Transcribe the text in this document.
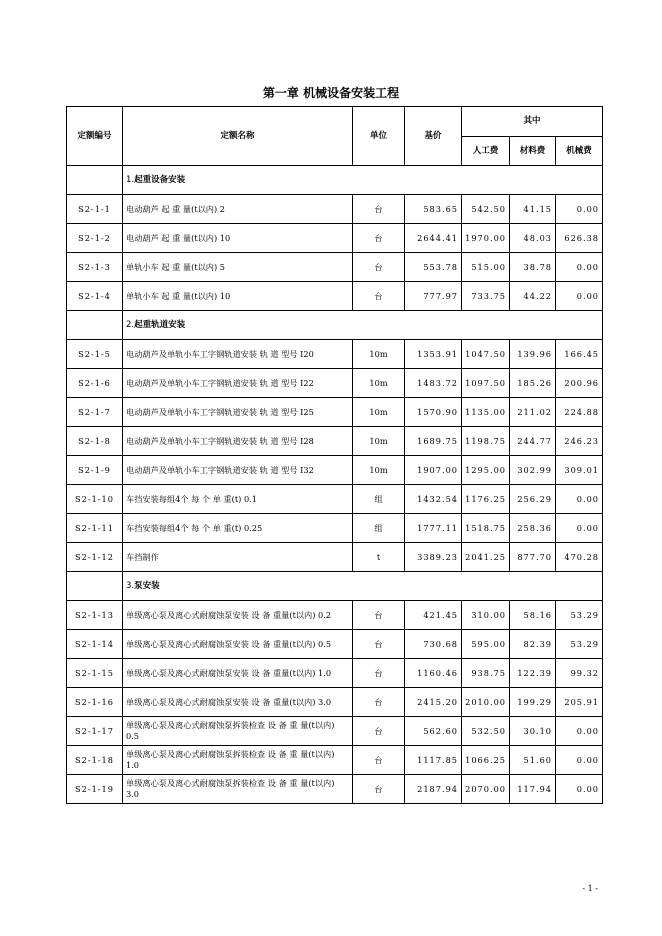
第一章 机械设备安装工程
定额编号	定额名称	单位	基价	其中		
				人工费	材料费	机械费
	1.起重设备安装					
S2-1-1	电动葫芦 起 重 量(t以内) 2	台	583.65	542.50	41.15	0.00
S2-1-2	电动葫芦 起 重 量(t以内) 10	台	2644.41	1970.00	48.03	626.38
S2-1-3	单轨小车 起 重 量(t以内) 5	台	553.78	515.00	38.78	0.00
S2-1-4	单轨小车 起 重 量(t以内) 10	台	777.97	733.75	44.22	0.00
	2.起重轨道安装					
S2-1-5	电动葫芦及单轨小车工字钢轨道安装 轨 道 型号 I20	10m	1353.91	1047.50	139.96	166.45
S2-1-6	电动葫芦及单轨小车工字钢轨道安装 轨 道 型号 I22	10m	1483.72	1097.50	185.26	200.96
S2-1-7	电动葫芦及单轨小车工字钢轨道安装 轨 道 型号 I25	10m	1570.90	1135.00	211.02	224.88
S2-1-8	电动葫芦及单轨小车工字钢轨道安装 轨 道 型号 I28	10m	1689.75	1198.75	244.77	246.23
S2-1-9	电动葫芦及单轨小车工字钢轨道安装 轨 道 型号 I32	10m	1907.00	1295.00	302.99	309.01
S2-1-10	车挡安装每组4个 每 个 单 重(t) 0.1	组	1432.54	1176.25	256.29	0.00
S2-1-11	车挡安装每组4个 每 个 单 重(t) 0.25	组	1777.11	1518.75	258.36	0.00
S2-1-12	车挡制作	t	3389.23	2041.25	877.70	470.28
	3.泵安装					
S2-1-13	单级离心泵及离心式耐腐蚀泵安装 设 备 重量(t以内) 0.2	台	421.45	310.00	58.16	53.29
S2-1-14	单级离心泵及离心式耐腐蚀泵安装 设 备 重量(t以内) 0.5	台	730.68	595.00	82.39	53.29
S2-1-15	单级离心泵及离心式耐腐蚀泵安装 设 备 重量(t以内) 1.0	台	1160.46	938.75	122.39	99.32
S2-1-16	单级离心泵及离心式耐腐蚀泵安装 设 备 重量(t以内) 3.0	台	2415.20	2010.00	199.29	205.91
S2-1-17	单级离心泵及离心式耐腐蚀泵拆装检查 设 备 重 量(t以内) 0.5	台	562.60	532.50	30.10	0.00
S2-1-18	单级离心泵及离心式耐腐蚀泵拆装检查 设 备 重 量(t以内) 1.0	台	1117.85	1066.25	51.60	0.00
S2-1-19	单级离心泵及离心式耐腐蚀泵拆装检查 设 备 重 量(t以内) 3.0	台	2187.94	2070.00	117.94	0.00
- 1 -
